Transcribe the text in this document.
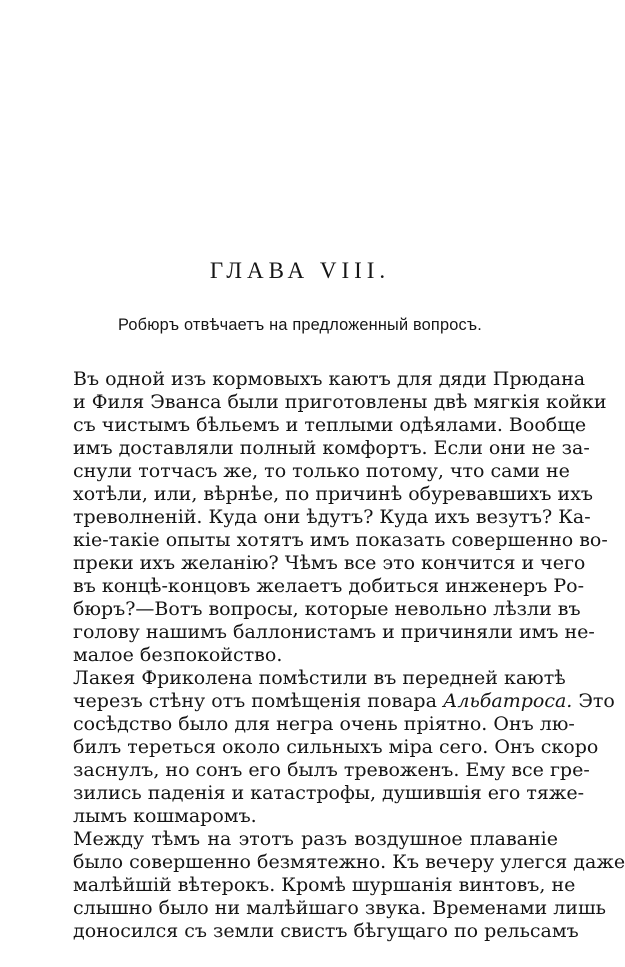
ГЛАВА VIII.
Робюръ отвѣчаетъ на предложенный вопросъ.
Въ одной изъ кормовыхъ каютъ для дяди Прюдана
и Филя Эванса были приготовлены двѣ мягкія койки
съ чистымъ бѣльемъ и теплыми одѣялами. Вообще
имъ доставляли полный комфортъ. Если они не за-
снули тотчасъ же, то только потому, что сами не
хотѣли, или, вѣрнѣе, по причинѣ обуревавшихъ ихъ
треволненій. Куда они ѣдутъ? Куда ихъ везутъ? Ка-
кіе-такіе опыты хотятъ имъ показать совершенно во-
преки ихъ желанію? Чѣмъ все это кончится и чего
въ концѣ-концовъ желаетъ добиться инженеръ Ро-
бюръ?—Вотъ вопросы, которые невольно лѣзли въ
голову нашимъ баллонистамъ и причиняли имъ не-
малое безпокойство.
Лакея Фриколена помѣстили въ передней каютѣ
черезъ стѣну отъ помѣщенія повара Альбатроса. Это
сосѣдство было для негра очень пріятно. Онъ лю-
билъ тереться около сильныхъ міра сего. Онъ скоро
заснулъ, но сонъ его былъ тревоженъ. Ему все гре-
зились паденія и катастрофы, душившія его тяже-
лымъ кошмаромъ.
Между тѣмъ на этотъ разъ воздушное плаваніе
было совершенно безмятежно. Къ вечеру улегся даже
малѣйшій вѣтерокъ. Кромѣ шуршанія винтовъ, не
слышно было ни малѣйшаго звука. Временами лишь
доносился съ земли свистъ бѣгущаго по рельсамъ
